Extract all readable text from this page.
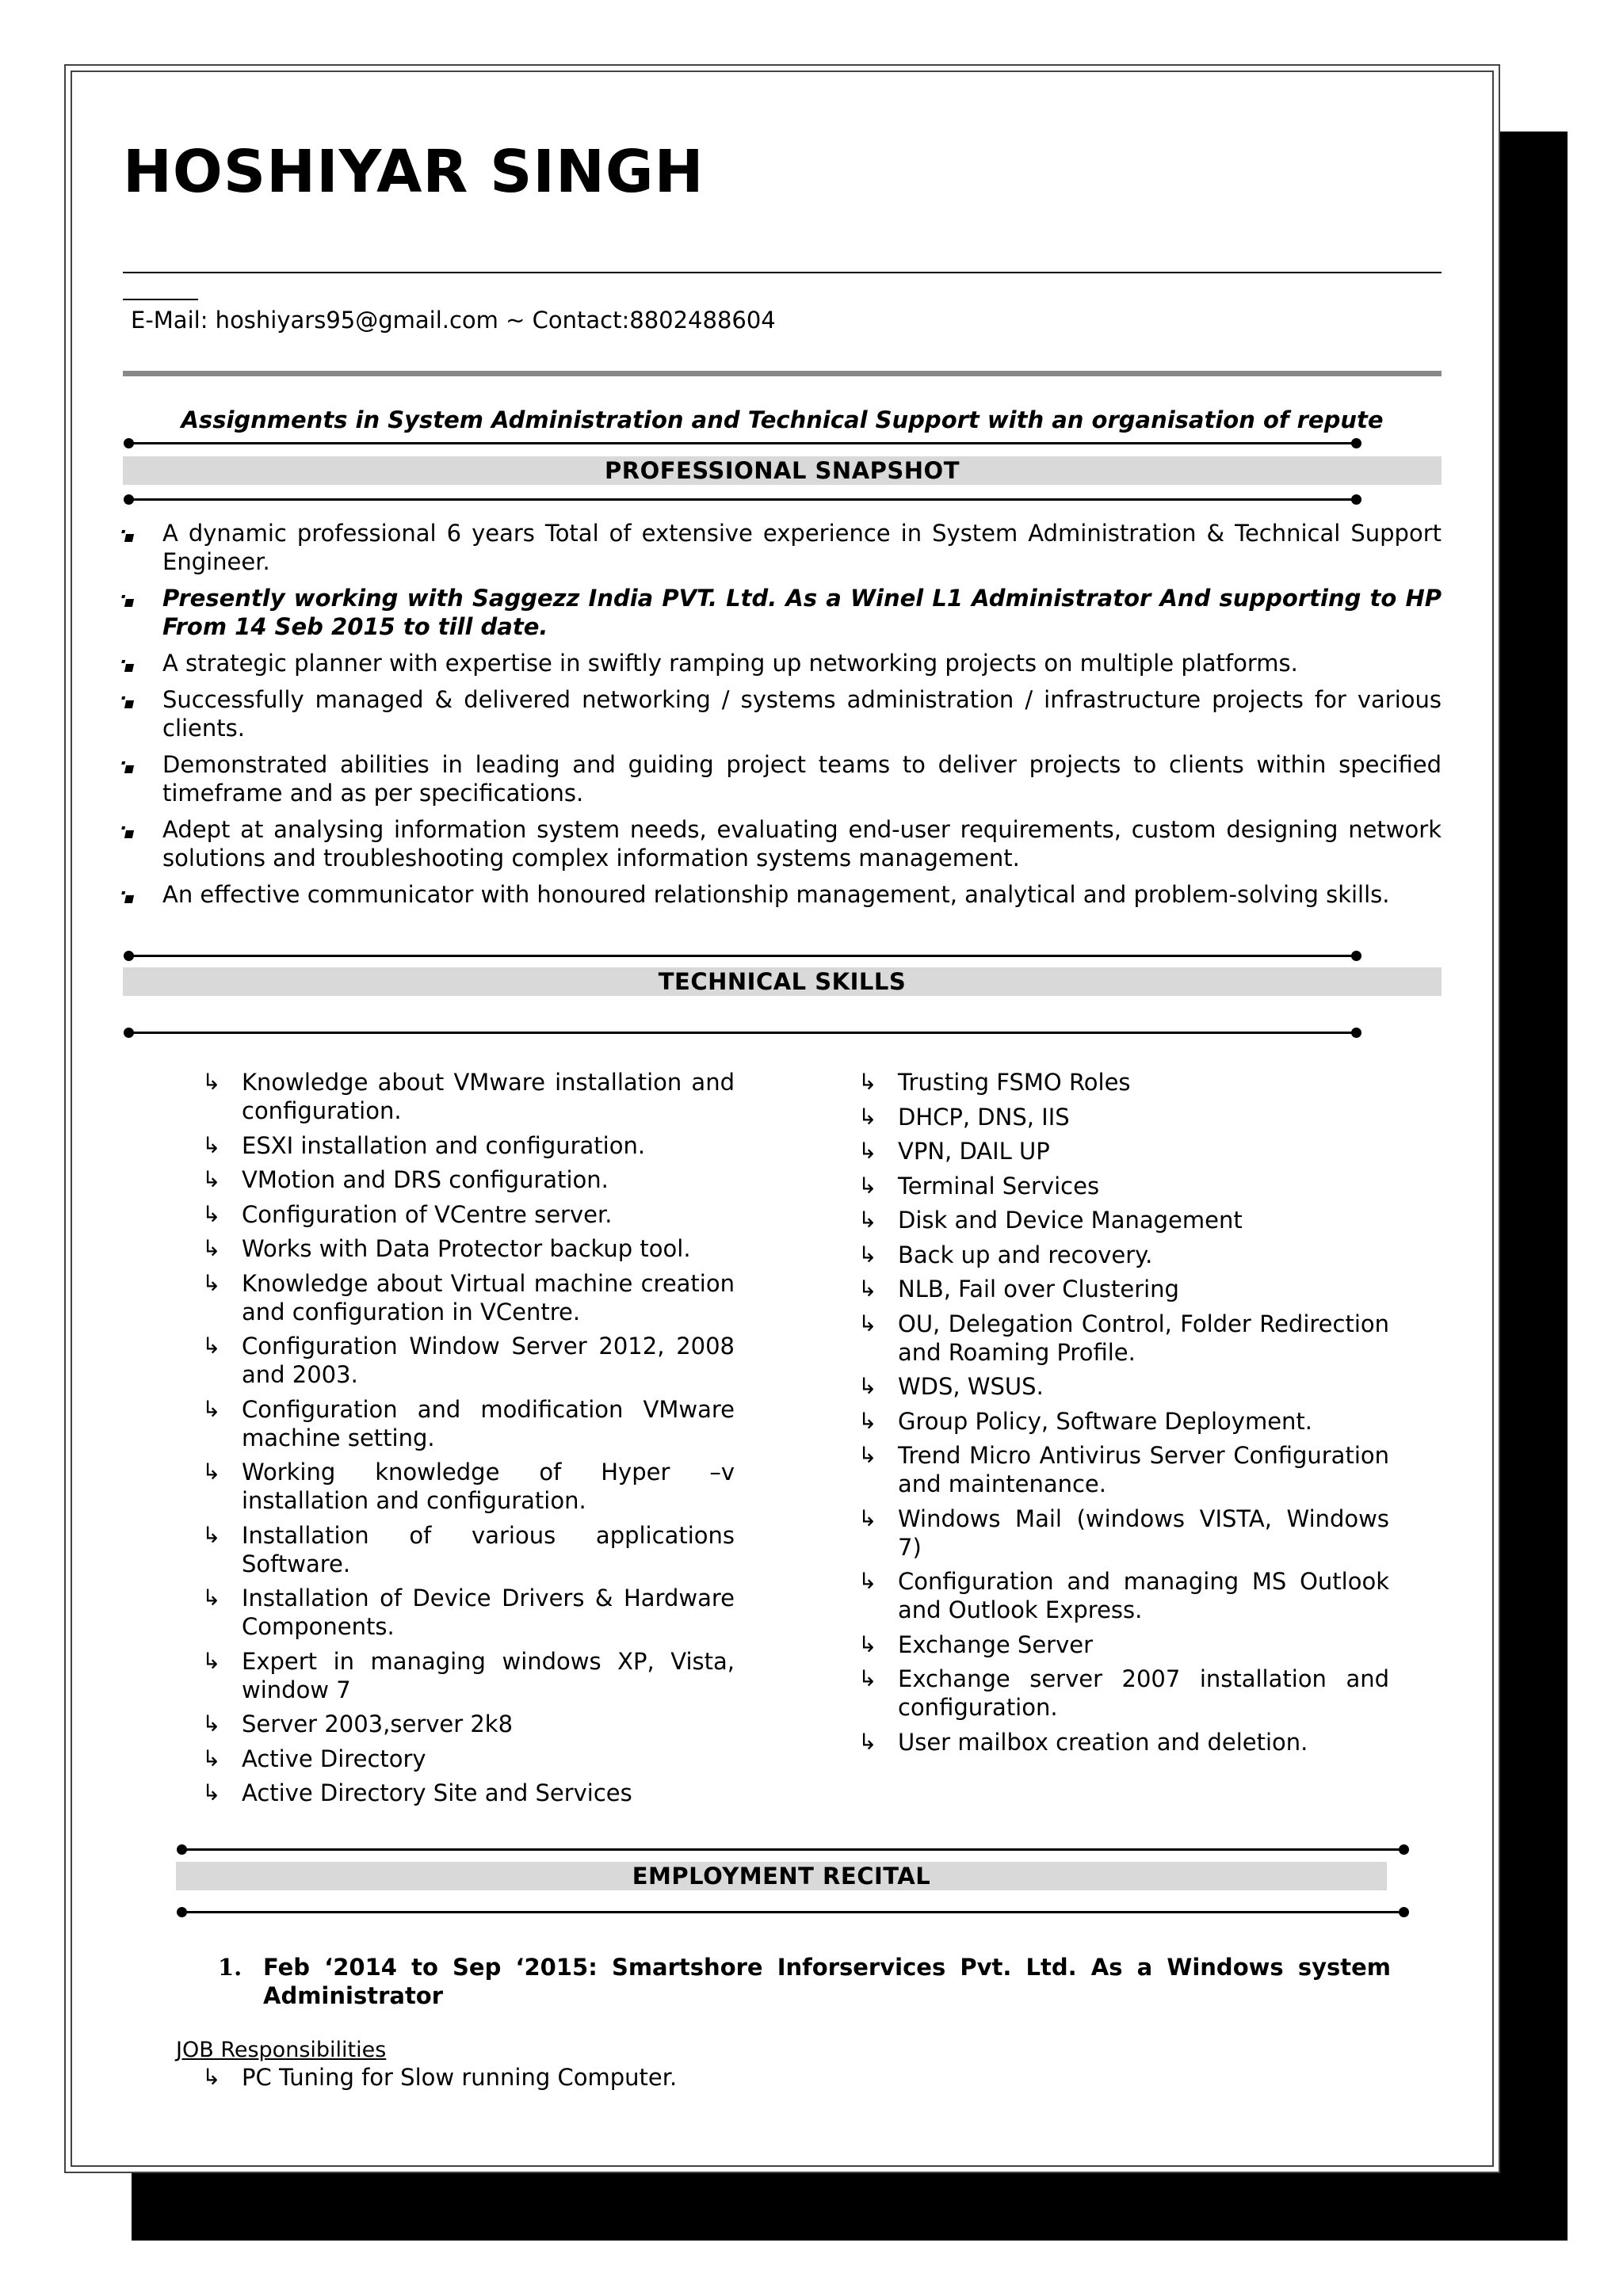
HOSHIYAR SINGH
E-Mail: hoshiyars95@gmail.com ~ Contact:8802488604
Assignments in System Administration and Technical Support with an organisation of repute
PROFESSIONAL SNAPSHOT
A dynamic professional 6 years Total of extensive experience in System Administration & Technical Support Engineer.
Presently working with Saggezz India PVT. Ltd. As a Winel L1 Administrator And supporting to HP From 14 Seb 2015 to till date.
A strategic planner with expertise in swiftly ramping up networking projects on multiple platforms.
Successfully managed & delivered networking / systems administration / infrastructure projects for various clients.
Demonstrated abilities in leading and guiding project teams to deliver projects to clients within specified timeframe and as per specifications.
Adept at analysing information system needs, evaluating end-user requirements, custom designing network solutions and troubleshooting complex information systems management.
An effective communicator with honoured relationship management, analytical and problem-solving skills.
TECHNICAL SKILLS
↳ Knowledge about VMware installation and configuration.
↳ ESXI installation and configuration.
↳ VMotion and DRS configuration.
↳ Configuration of VCentre server.
↳ Works with Data Protector backup tool.
↳ Knowledge about Virtual machine creation and configuration in VCentre.
↳ Configuration Window Server 2012, 2008 and 2003.
↳ Configuration and modification VMware machine setting.
↳ Working knowledge of Hyper –v installation and configuration.
↳ Installation of various applications Software.
↳ Installation of Device Drivers & Hardware Components.
↳ Expert in managing windows XP, Vista, window 7
↳ Server 2003,server 2k8
↳ Active Directory
↳ Active Directory Site and Services
↳ Trusting FSMO Roles
↳ DHCP, DNS, IIS
↳ VPN, DAIL UP
↳ Terminal Services
↳ Disk and Device Management
↳ Back up and recovery.
↳ NLB, Fail over Clustering
↳ OU, Delegation Control, Folder Redirection and Roaming Profile.
↳ WDS, WSUS.
↳ Group Policy, Software Deployment.
↳ Trend Micro Antivirus Server Configuration and maintenance.
↳ Windows Mail (windows VISTA, Windows 7)
↳ Configuration and managing MS Outlook and Outlook Express.
↳ Exchange Server
↳ Exchange server 2007 installation and configuration.
↳ User mailbox creation and deletion.
EMPLOYMENT RECITAL
1. Feb ‘2014 to Sep ‘2015: Smartshore Inforservices Pvt. Ltd. As a Windows system Administrator
JOB Responsibilities
↳ PC Tuning for Slow running Computer.
